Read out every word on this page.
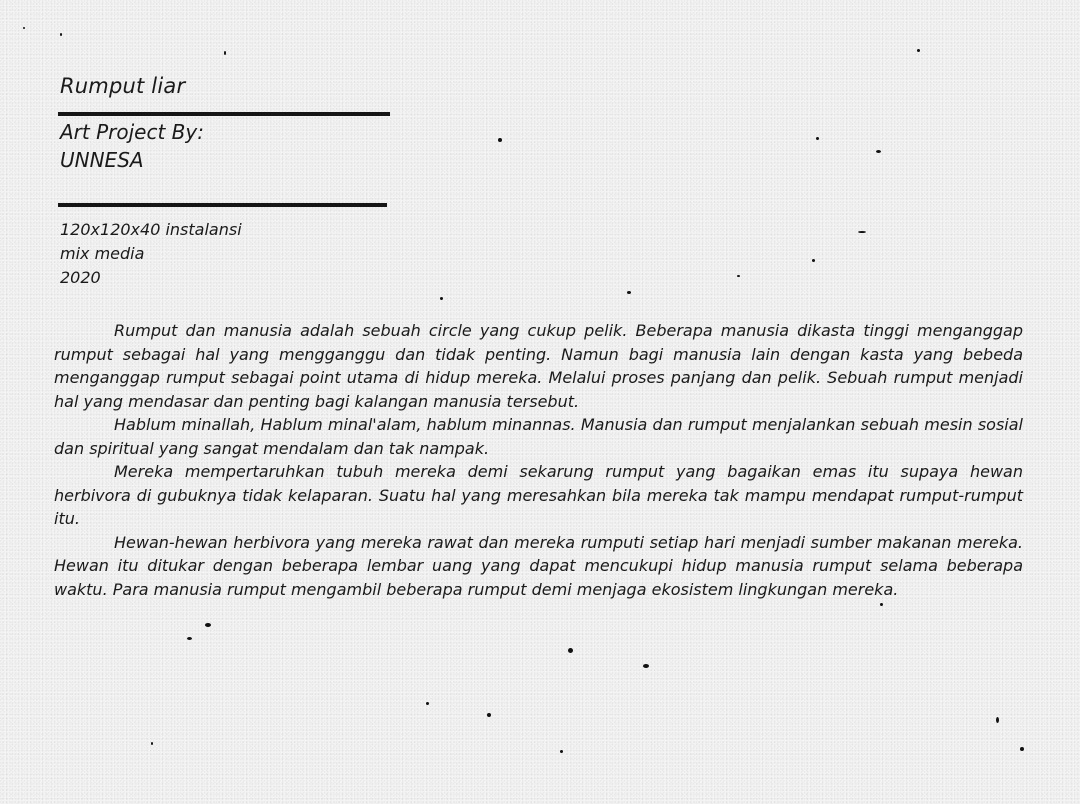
Rumput liar
Art Project By:
UNNESA
120x120x40 instalansi
mix media
2020

Rumput dan manusia adalah sebuah circle yang cukup pelik. Beberapa manusia dikasta tinggi menganggap rumput sebagai hal yang mengganggu dan tidak penting. Namun bagi manusia lain dengan kasta yang bebeda menganggap rumput sebagai point utama di hidup mereka. Melalui proses panjang dan pelik. Sebuah rumput menjadi hal yang mendasar dan penting bagi kalangan manusia tersebut.

Hablum minallah, Hablum minal'alam, hablum minannas. Manusia dan rumput menjalankan sebuah mesin sosial dan spiritual yang sangat mendalam dan tak nampak.

Mereka mempertaruhkan tubuh mereka demi sekarung rumput yang bagaikan emas itu supaya hewan herbivora di gubuknya tidak kelaparan. Suatu hal yang meresahkan bila mereka tak mampu mendapat rumput-rumput itu.

Hewan-hewan herbivora yang mereka rawat dan mereka rumputi setiap hari menjadi sumber makanan mereka. Hewan itu ditukar dengan beberapa lembar uang yang dapat mencukupi hidup manusia rumput selama beberapa waktu. Para manusia rumput mengambil beberapa rumput demi menjaga ekosistem lingkungan mereka.
